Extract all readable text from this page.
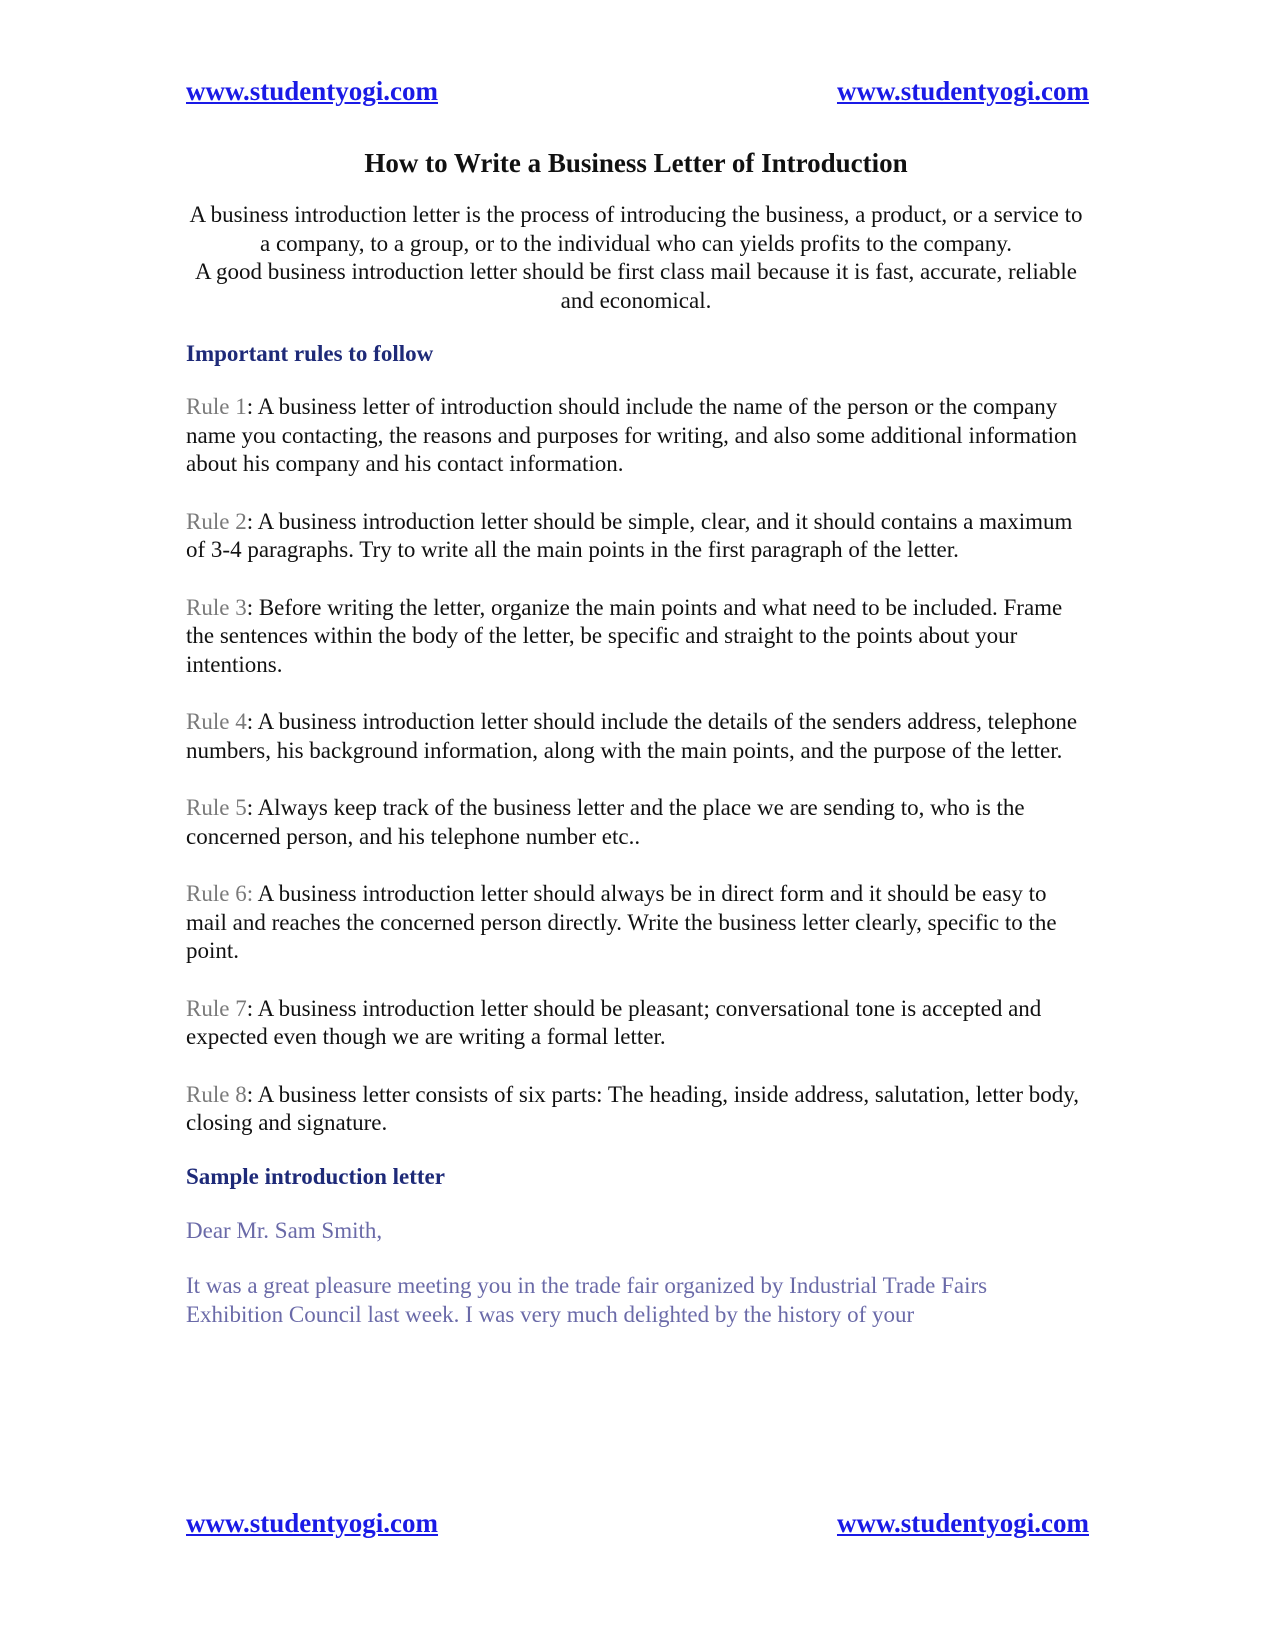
www.studentyogi.com	www.studentyogi.com
How to Write a Business Letter of Introduction

A business introduction letter is the process of introducing the business, a product, or a service to a company, to a group, or to the individual who can yields profits to the company.

A good business introduction letter should be first class mail because it is fast, accurate, reliable and economical.

Important rules to follow

Rule 1: A business letter of introduction should include the name of the person or the company name you contacting, the reasons and purposes for writing, and also some additional information about his company and his contact information.

Rule 2: A business introduction letter should be simple, clear, and it should contains a maximum of 3-4 paragraphs. Try to write all the main points in the first paragraph of the letter.

Rule 3: Before writing the letter, organize the main points and what need to be included. Frame the sentences within the body of the letter, be specific and straight to the points about your intentions.

Rule 4: A business introduction letter should include the details of the senders address, telephone numbers, his background information, along with the main points, and the purpose of the letter.

Rule 5: Always keep track of the business letter and the place we are sending to, who is the concerned person, and his telephone number etc..

Rule 6: A business introduction letter should always be in direct form and it should be easy to mail and reaches the concerned person directly. Write the business letter clearly, specific to the point.

Rule 7: A business introduction letter should be pleasant; conversational tone is accepted and expected even though we are writing a formal letter.

Rule 8: A business letter consists of six parts: The heading, inside address, salutation, letter body, closing and signature.

Sample introduction letter

Dear Mr. Sam Smith,

It was a great pleasure meeting you in the trade fair organized by Industrial Trade Fairs Exhibition Council last week. I was very much delighted by the history of your

www.studentyogi.com	www.studentyogi.com
